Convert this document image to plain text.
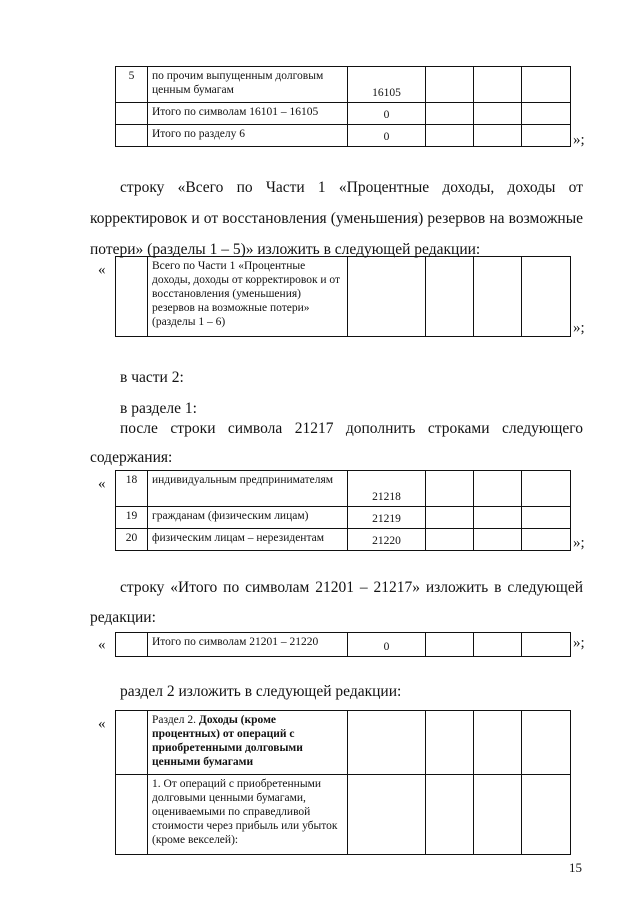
5	по прочим выпущенным долговым ценным бумагам	16105			
	Итого по символам 16101 – 16105	0			
	Итого по разделу 6	0				»;

строку «Всего по Части 1 «Процентные доходы, доходы от корректировок и от восстановления (уменьшения) резервов на возможные потери» (разделы 1 – 5)» изложить в следующей редакции:

«
		Всего по Части 1 «Процентные доходы, доходы от корректировок и от восстановления (уменьшения) резервов на возможные потери» (разделы 1 – 6)					»;

в части 2:

в разделе 1:

после строки символа 21217 дополнить строками следующего содержания:

« 18	индивидуальным предпринимателям	21218			
19	гражданам (физическим лицам)	21219			
20	физическим лицам – нерезидентам	21220				»;

строку «Итого по символам 21201 – 21217» изложить в следующей редакции:

«
		Итого по символам 21201 – 21220	0				»;

раздел 2 изложить в следующей редакции:

«
		Раздел 2. Доходы (кроме процентных) от операций с приобретенными долговыми ценными бумагами				
	1. От операций с приобретенными долговыми ценными бумагами, оцениваемыми по справедливой стоимости через прибыль или убыток (кроме векселей):				
15
